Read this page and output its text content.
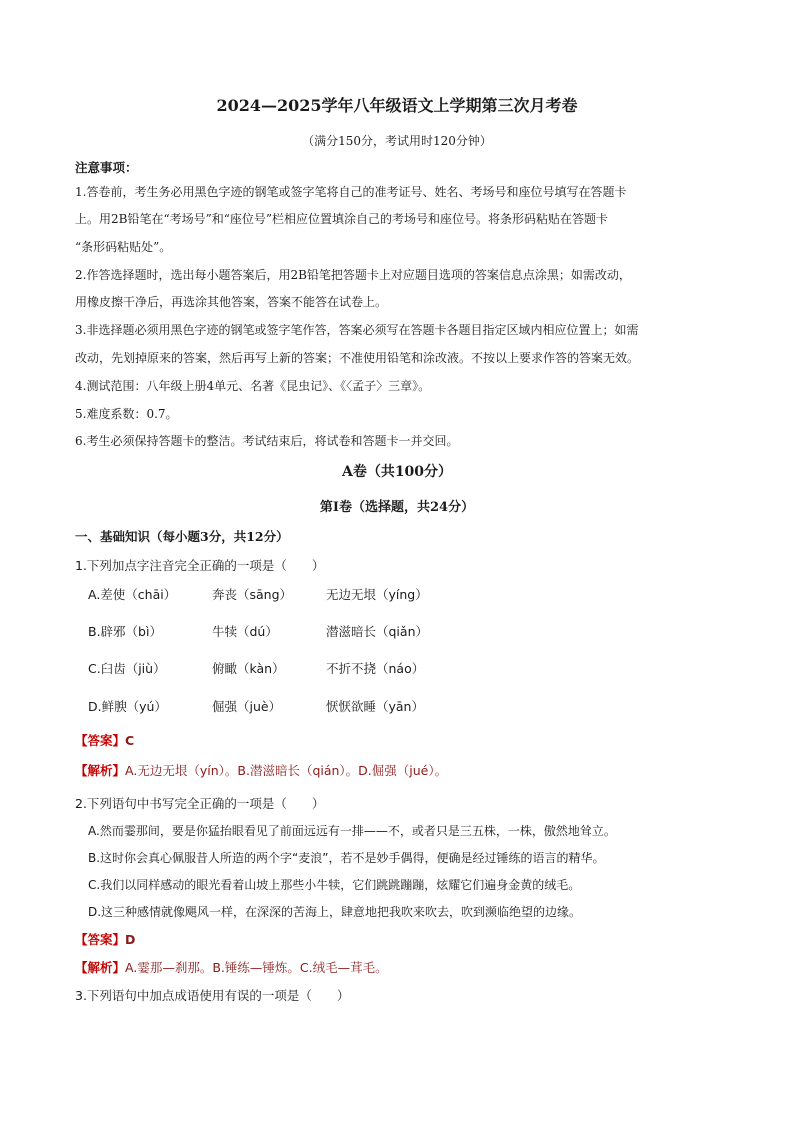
2024—2025学年八年级语文上学期第三次月考卷
（满分150分，考试用时120分钟）
注意事项：
1.答卷前，考生务必用黑色字迹的钢笔或签字笔将自己的准考证号、姓名、考场号和座位号填写在答题卡
上。用2B铅笔在“考场号”和“座位号”栏相应位置填涂自己的考场号和座位号。将条形码粘贴在答题卡
“条形码粘贴处”。
2.作答选择题时，选出每小题答案后，用2B铅笔把答题卡上对应题目选项的答案信息点涂黑；如需改动，
用橡皮擦干净后，再选涂其他答案，答案不能答在试卷上。
3.非选择题必须用黑色字迹的钢笔或签字笔作答，答案必须写在答题卡各题目指定区域内相应位置上；如需
改动，先划掉原来的答案，然后再写上新的答案；不准使用铅笔和涂改液。不按以上要求作答的答案无效。
4.测试范围：八年级上册4单元、名著《昆虫记》、《〈孟子〉三章》。
5.难度系数：0.7。
6.考生必须保持答题卡的整洁。考试结束后，将试卷和答题卡一并交回。
A卷（共100分）
第Ⅰ卷（选择题，共24分）
一、基础知识（每小题3分，共12分）
1.下列加点字注音完全正确的一项是（　　）
A.差使（chāi）	奔丧（sāng）	无边无垠（yíng）
B.辟邪（bì）	牛犊（dú）	潜滋暗长（qiǎn）
C.臼齿（jiù）	俯瞰（kàn）	不折不挠（náo）
D.鲜腴（yú）	倔强（juè）	恹恹欲睡（yān）
【答案】C
【解析】A.无边无垠（yín）。B.潜滋暗长（qián）。D.倔强（jué）。
2.下列语句中书写完全正确的一项是（　　）
A.然而霎那间，要是你猛抬眼看见了前面远远有一排——不，或者只是三五株，一株，傲然地耸立。
B.这时你会真心佩服昔人所造的两个字“麦浪”，若不是妙手偶得，便确是经过锤练的语言的精华。
C.我们以同样感动的眼光看着山坡上那些小牛犊，它们跳跳蹦蹦，炫耀它们遍身金黄的绒毛。
D.这三种感情就像飓风一样，在深深的苦海上，肆意地把我吹来吹去，吹到濒临绝望的边缘。
【答案】D
【解析】A.霎那—刹那。B.锤练—锤炼。C.绒毛—茸毛。
3.下列语句中加点成语使用有误的一项是（　　）
